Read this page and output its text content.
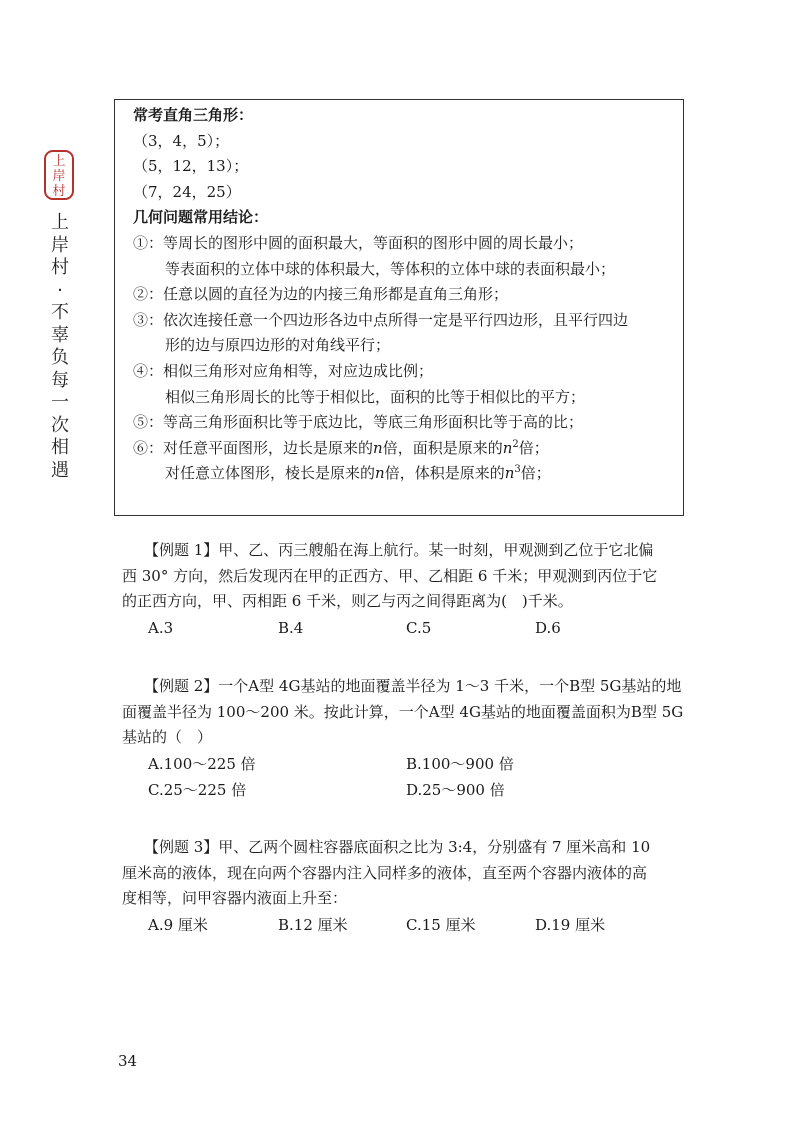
上
岸
村
上
岸
村
·
不
辜
负
每
一
次
相
遇
常考直角三角形：
（3，4，5）；
（5，12，13）；
（7，24，25）
几何问题常用结论：
①：等周长的图形中圆的面积最大，等面积的图形中圆的周长最小；
等表面积的立体中球的体积最大，等体积的立体中球的表面积最小；
②：任意以圆的直径为边的内接三角形都是直角三角形；
③：依次连接任意一个四边形各边中点所得一定是平行四边形，且平行四边
形的边与原四边形的对角线平行；
④：相似三角形对应角相等，对应边成比例；
相似三角形周长的比等于相似比，面积的比等于相似比的平方；
⑤：等高三角形面积比等于底边比，等底三角形面积比等于高的比；
⑥：对任意平面图形，边长是原来的n倍，面积是原来的$n^2$倍；
对任意立体图形，棱长是原来的n倍，体积是原来的$n^3$倍；
【例题 1】甲、乙、丙三艘船在海上航行。某一时刻，甲观测到乙位于它北偏
西 30° 方向，然后发现丙在甲的正西方、甲、乙相距 6 千米；甲观测到丙位于它
的正西方向，甲、丙相距 6 千米，则乙与丙之间得距离为(　)千米。
A.3	B.4	C.5	D.6
【例题 2】一个A型 4G基站的地面覆盖半径为 1～3 千米，一个B型 5G基站的地
面覆盖半径为 100～200 米。按此计算，一个A型 4G基站的地面覆盖面积为B型 5G
基站的（　）
A.100～225 倍	B.100～900 倍
C.25～225 倍	D.25～900 倍
【例题 3】甲、乙两个圆柱容器底面积之比为 3:4，分别盛有 7 厘米高和 10
厘米高的液体，现在向两个容器内注入同样多的液体，直至两个容器内液体的高
度相等，问甲容器内液面上升至：
A.9 厘米	B.12 厘米	C.15 厘米	D.19 厘米
34
